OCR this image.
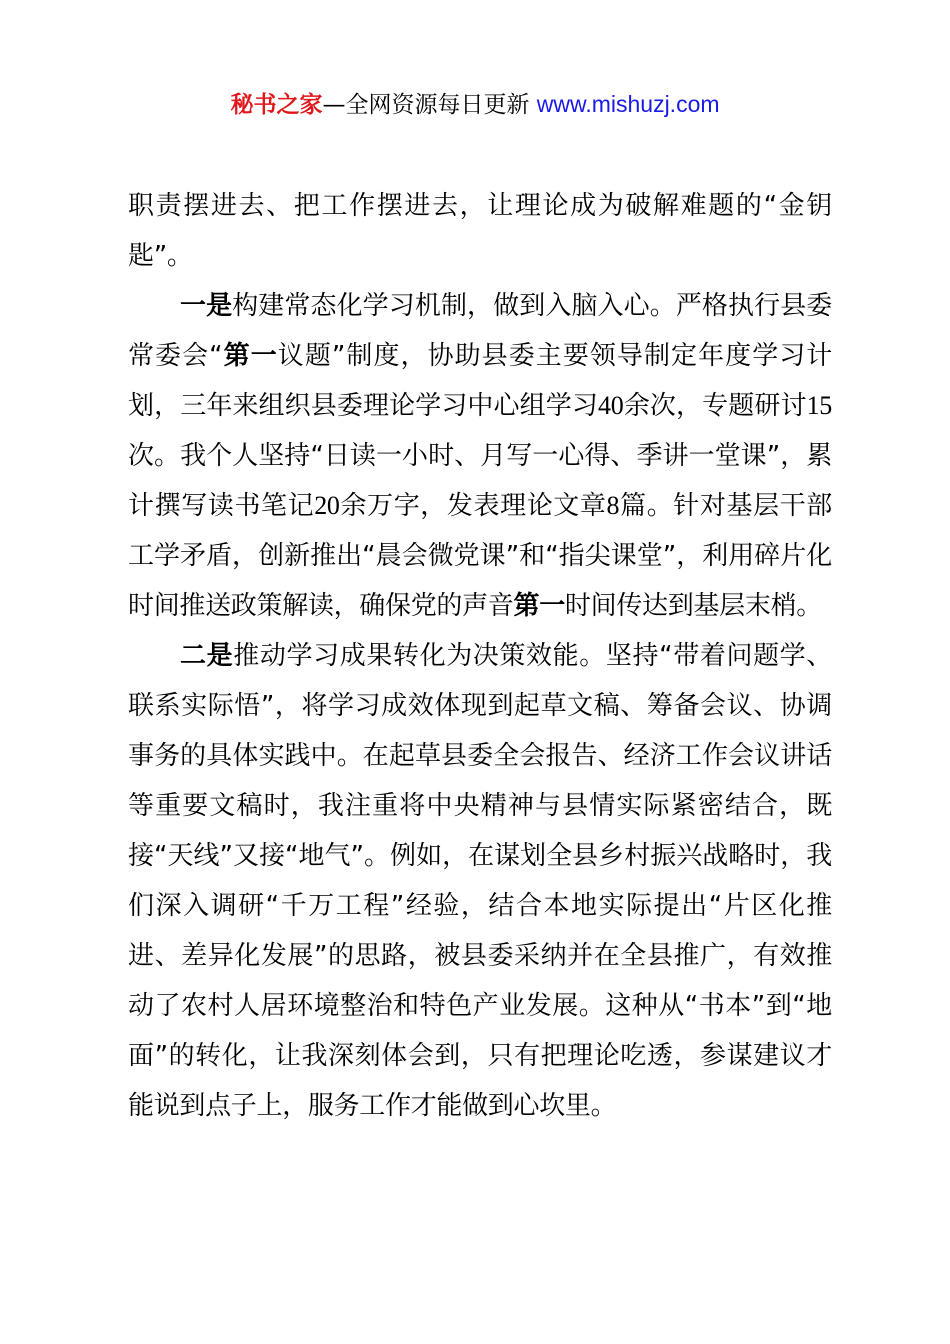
秘书之家—全网资源每日更新 www.mishuzj.com

职责摆进去、把工作摆进去，让理论成为破解难题的“金钥匙”。

一是构建常态化学习机制，做到入脑入心。严格执行县委常委会“第一议题”制度，协助县委主要领导制定年度学习计划，三年来组织县委理论学习中心组学习40余次，专题研讨15次。我个人坚持“日读一小时、月写一心得、季讲一堂课”，累计撰写读书笔记20余万字，发表理论文章8篇。针对基层干部工学矛盾，创新推出“晨会微党课”和“指尖课堂”，利用碎片化时间推送政策解读，确保党的声音第一时间传达到基层末梢。

二是推动学习成果转化为决策效能。坚持“带着问题学、联系实际悟”，将学习成效体现到起草文稿、筹备会议、协调事务的具体实践中。在起草县委全会报告、经济工作会议讲话等重要文稿时，我注重将中央精神与县情实际紧密结合，既接“天线”又接“地气”。例如，在谋划全县乡村振兴战略时，我们深入调研“千万工程”经验，结合本地实际提出“片区化推进、差异化发展”的思路，被县委采纳并在全县推广，有效推动了农村人居环境整治和特色产业发展。这种从“书本”到“地面”的转化，让我深刻体会到，只有把理论吃透，参谋建议才能说到点子上，服务工作才能做到心坎里。
